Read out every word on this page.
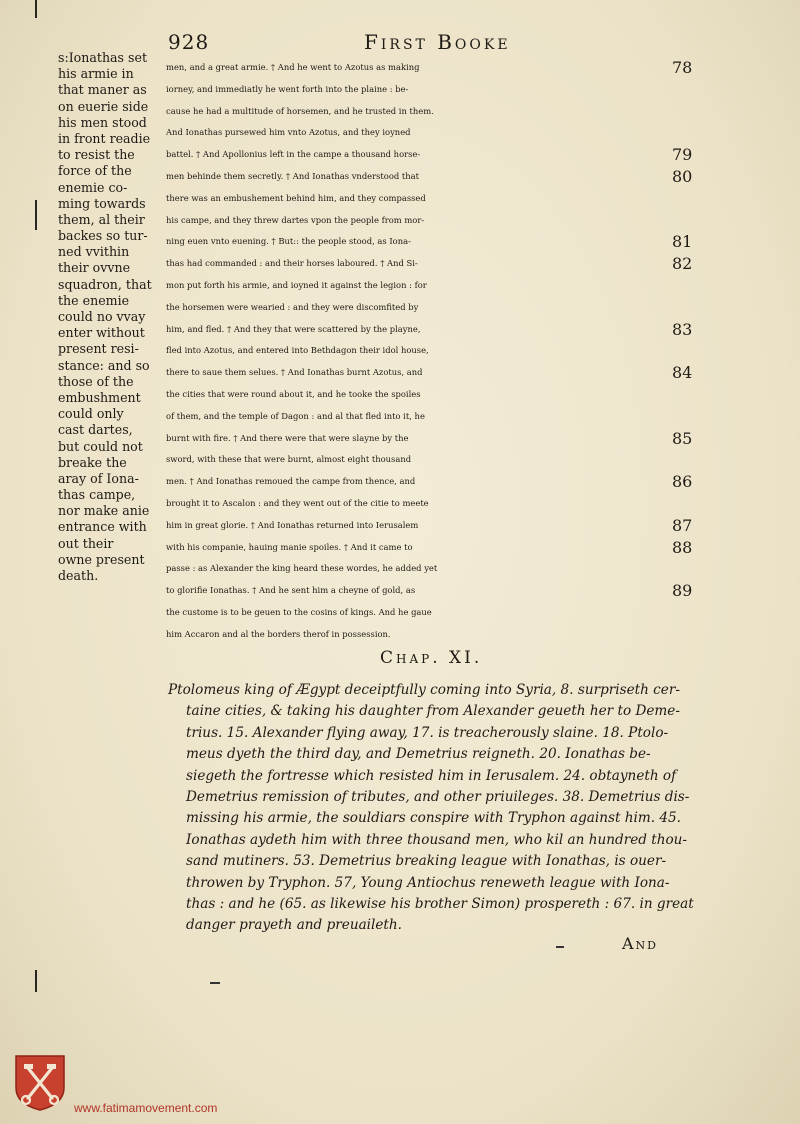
928	First Booke
s:Ionathas set
his armie in
that maner as
on euerie side
his men stood
in front readie
to resist the
force of the
enemie co-
ming towards
them, al their
backes so tur-
ned vvithin
their ovvne
squadron, that
the enemie
could no vvay
enter without
present resi-
stance: and so
those of the
embushment
could only
cast dartes,
but could not
breake the
aray of Iona-
thas campe,
nor make anie
entrance with
out their
owne present
death.
men, and a great armie. † And he went to Azotus as making
iorney, and immediatly he went forth into the plaine : be-
cause he had a multitude of horsemen, and he trusted in them.
And Ionathas pursewed him vnto Azotus, and they ioyned
battel. † And Apollonius left in the campe a thousand horse-
men behinde them secretly. † And Ionathas vnderstood that
there was an embushement behind him, and they compassed
his campe, and they threw dartes vpon the people from mor-
ning euen vnto euening. † But:: the people stood, as Iona-
thas had commanded : and their horses laboured. † And Si-
mon put forth his armie, and ioyned it against the legion : for
the horsemen were wearied : and they were discomfited by
him, and fled. † And they that were scattered by the playne,
fled into Azotus, and entered into Bethdagon their idol house,
there to saue them selues. † And Ionathas burnt Azotus, and
the cities that were round about it, and he tooke the spoiles
of them, and the temple of Dagon : and al that fled into it, he
burnt with fire. † And there were that were slayne by the
sword, with these that were burnt, almost eight thousand
men. † And Ionathas remoued the campe from thence, and
brought it to Ascalon : and they went out of the citie to meete
him in great glorie. † And Ionathas returned into Ierusalem
with his companie, hauing manie spoiles. † And it came to
passe : as Alexander the king heard these wordes, he added yet
to glorifie Ionathas. † And he sent him a cheyne of gold, as
the custome is to be geuen to the cosins of kings. And he gaue
him Accaron and al the borders therof in possession.
78
79
80
81
82
83
84
85
86
87
88
89
Chap. XI.
Ptolomeus king of Ægypt deceiptfully coming into Syria, 8. surpriseth cer-
taine cities, & taking his daughter from Alexander geueth her to Deme-
trius. 15. Alexander flying away, 17. is treacherously slaine. 18. Ptolo-
meus dyeth the third day, and Demetrius reigneth. 20. Ionathas be-
siegeth the fortresse which resisted him in Ierusalem. 24. obtayneth of
Demetrius remission of tributes, and other priuileges. 38. Demetrius dis-
missing his armie, the souldiars conspire with Tryphon against him. 45.
Ionathas aydeth him with three thousand men, who kil an hundred thou-
sand mutiners. 53. Demetrius breaking league with Ionathas, is ouer-
throwen by Tryphon. 57, Young Antiochus reneweth league with Iona-
thas : and he (65. as likewise his brother Simon) prospereth : 67. in great
danger prayeth and preuaileth.
And
www.fatimamovement.com
